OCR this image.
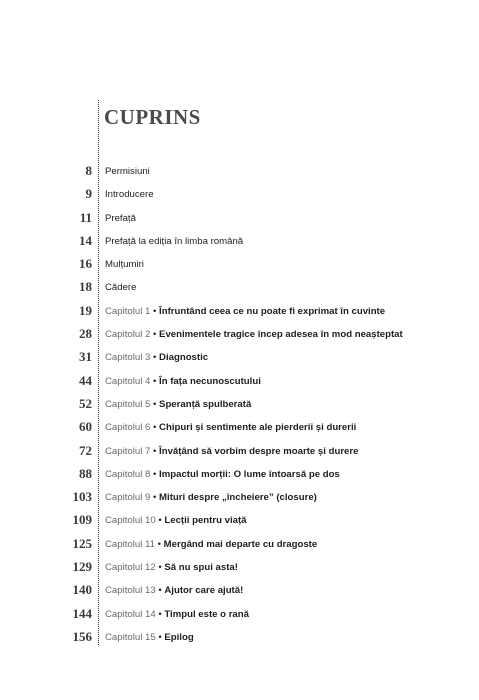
CUPRINS
8 Permisiuni
9 Introducere
11 Prefață
14 Prefață la ediția în limba română
16 Mulțumiri
18 Cădere
19 Capitolul 1 • Înfruntând ceea ce nu poate fi exprimat în cuvinte
28 Capitolul 2 • Evenimentele tragice încep adesea în mod neașteptat
31 Capitolul 3 • Diagnostic
44 Capitolul 4 • În fața necunoscutului
52 Capitolul 5 • Speranță spulberată
60 Capitolul 6 • Chipuri și sentimente ale pierderii și durerii
72 Capitolul 7 • Învățând să vorbim despre moarte și durere
88 Capitolul 8 • Impactul morții: O lume întoarsă pe dos
103 Capitolul 9 • Mituri despre „încheiere” (closure)
109 Capitolul 10 • Lecții pentru viață
125 Capitolul 11 • Mergând mai departe cu dragoste
129 Capitolul 12 • Să nu spui asta!
140 Capitolul 13 • Ajutor care ajută!
144 Capitolul 14 • Timpul este o rană
156 Capitolul 15 • Epilog
